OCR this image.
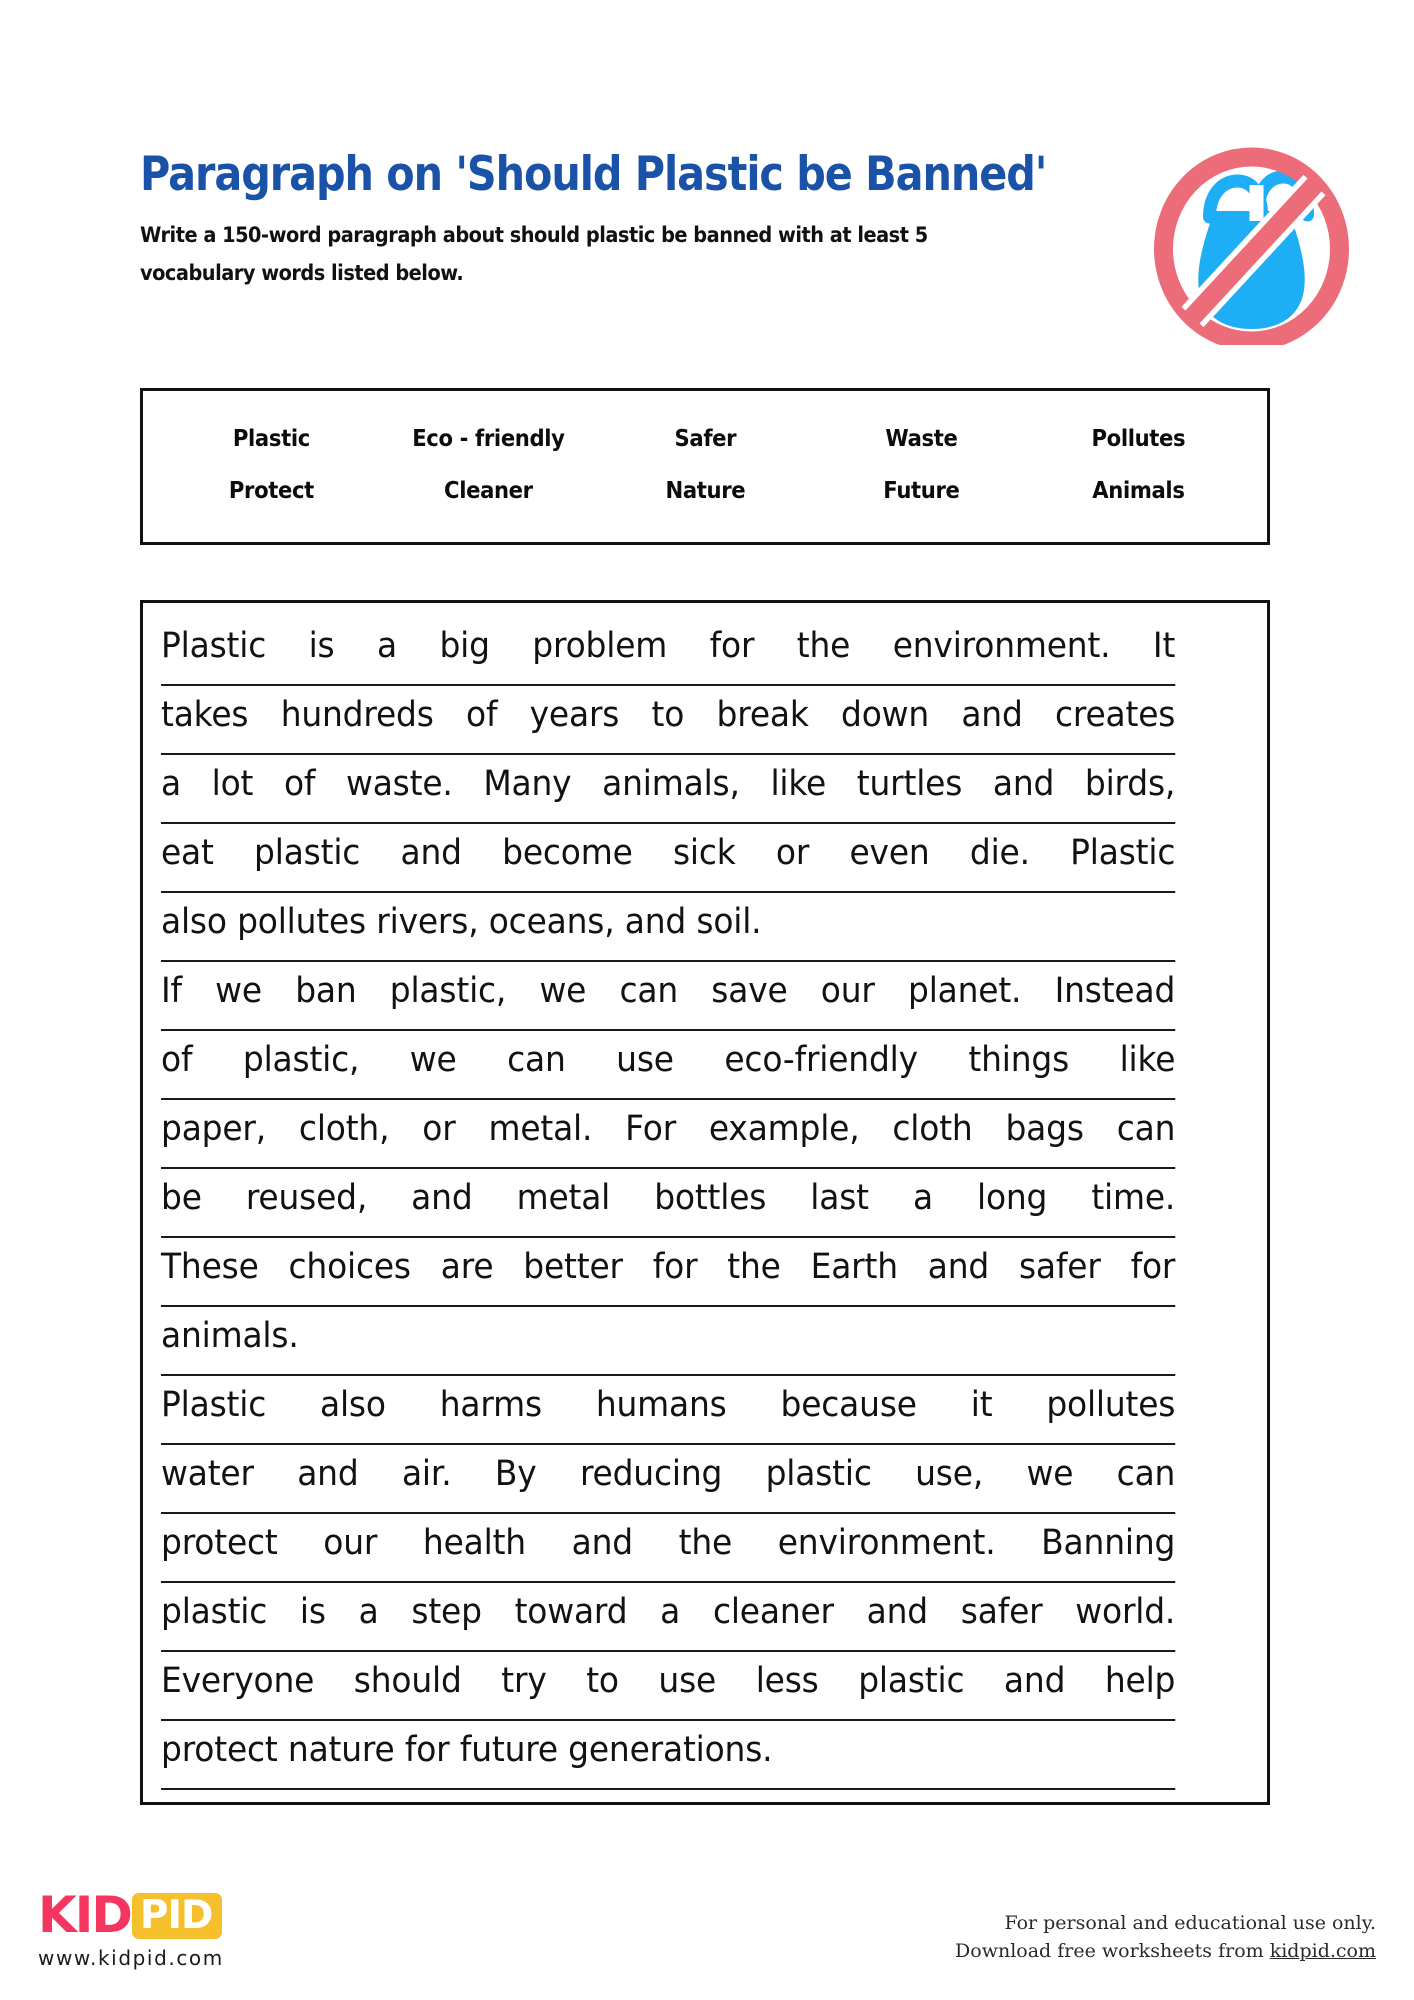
Paragraph on 'Should Plastic be Banned'

Write a 150-word paragraph about should plastic be banned with at least 5 vocabulary words listed below.

Plastic	Eco - friendly	Safer	Waste	Pollutes
Protect	Cleaner	Nature	Future	Animals
Plastic is a big problem for the environment. It
takes hundreds of years to break down and creates
a lot of waste. Many animals, like turtles and birds,
eat plastic and become sick or even die. Plastic
also pollutes rivers, oceans, and soil.
If we ban plastic, we can save our planet. Instead
of plastic, we can use eco-friendly things like
paper, cloth, or metal. For example, cloth bags can
be reused, and metal bottles last a long time.
These choices are better for the Earth and safer for
animals.
Plastic also harms humans because it pollutes
water and air. By reducing plastic use, we can
protect our health and the environment. Banning
plastic is a step toward a cleaner and safer world.
Everyone should try to use less plastic and help
protect nature for future generations.
KID PID
www.kidpid.com
For personal and educational use only.
Download free worksheets from kidpid.com
